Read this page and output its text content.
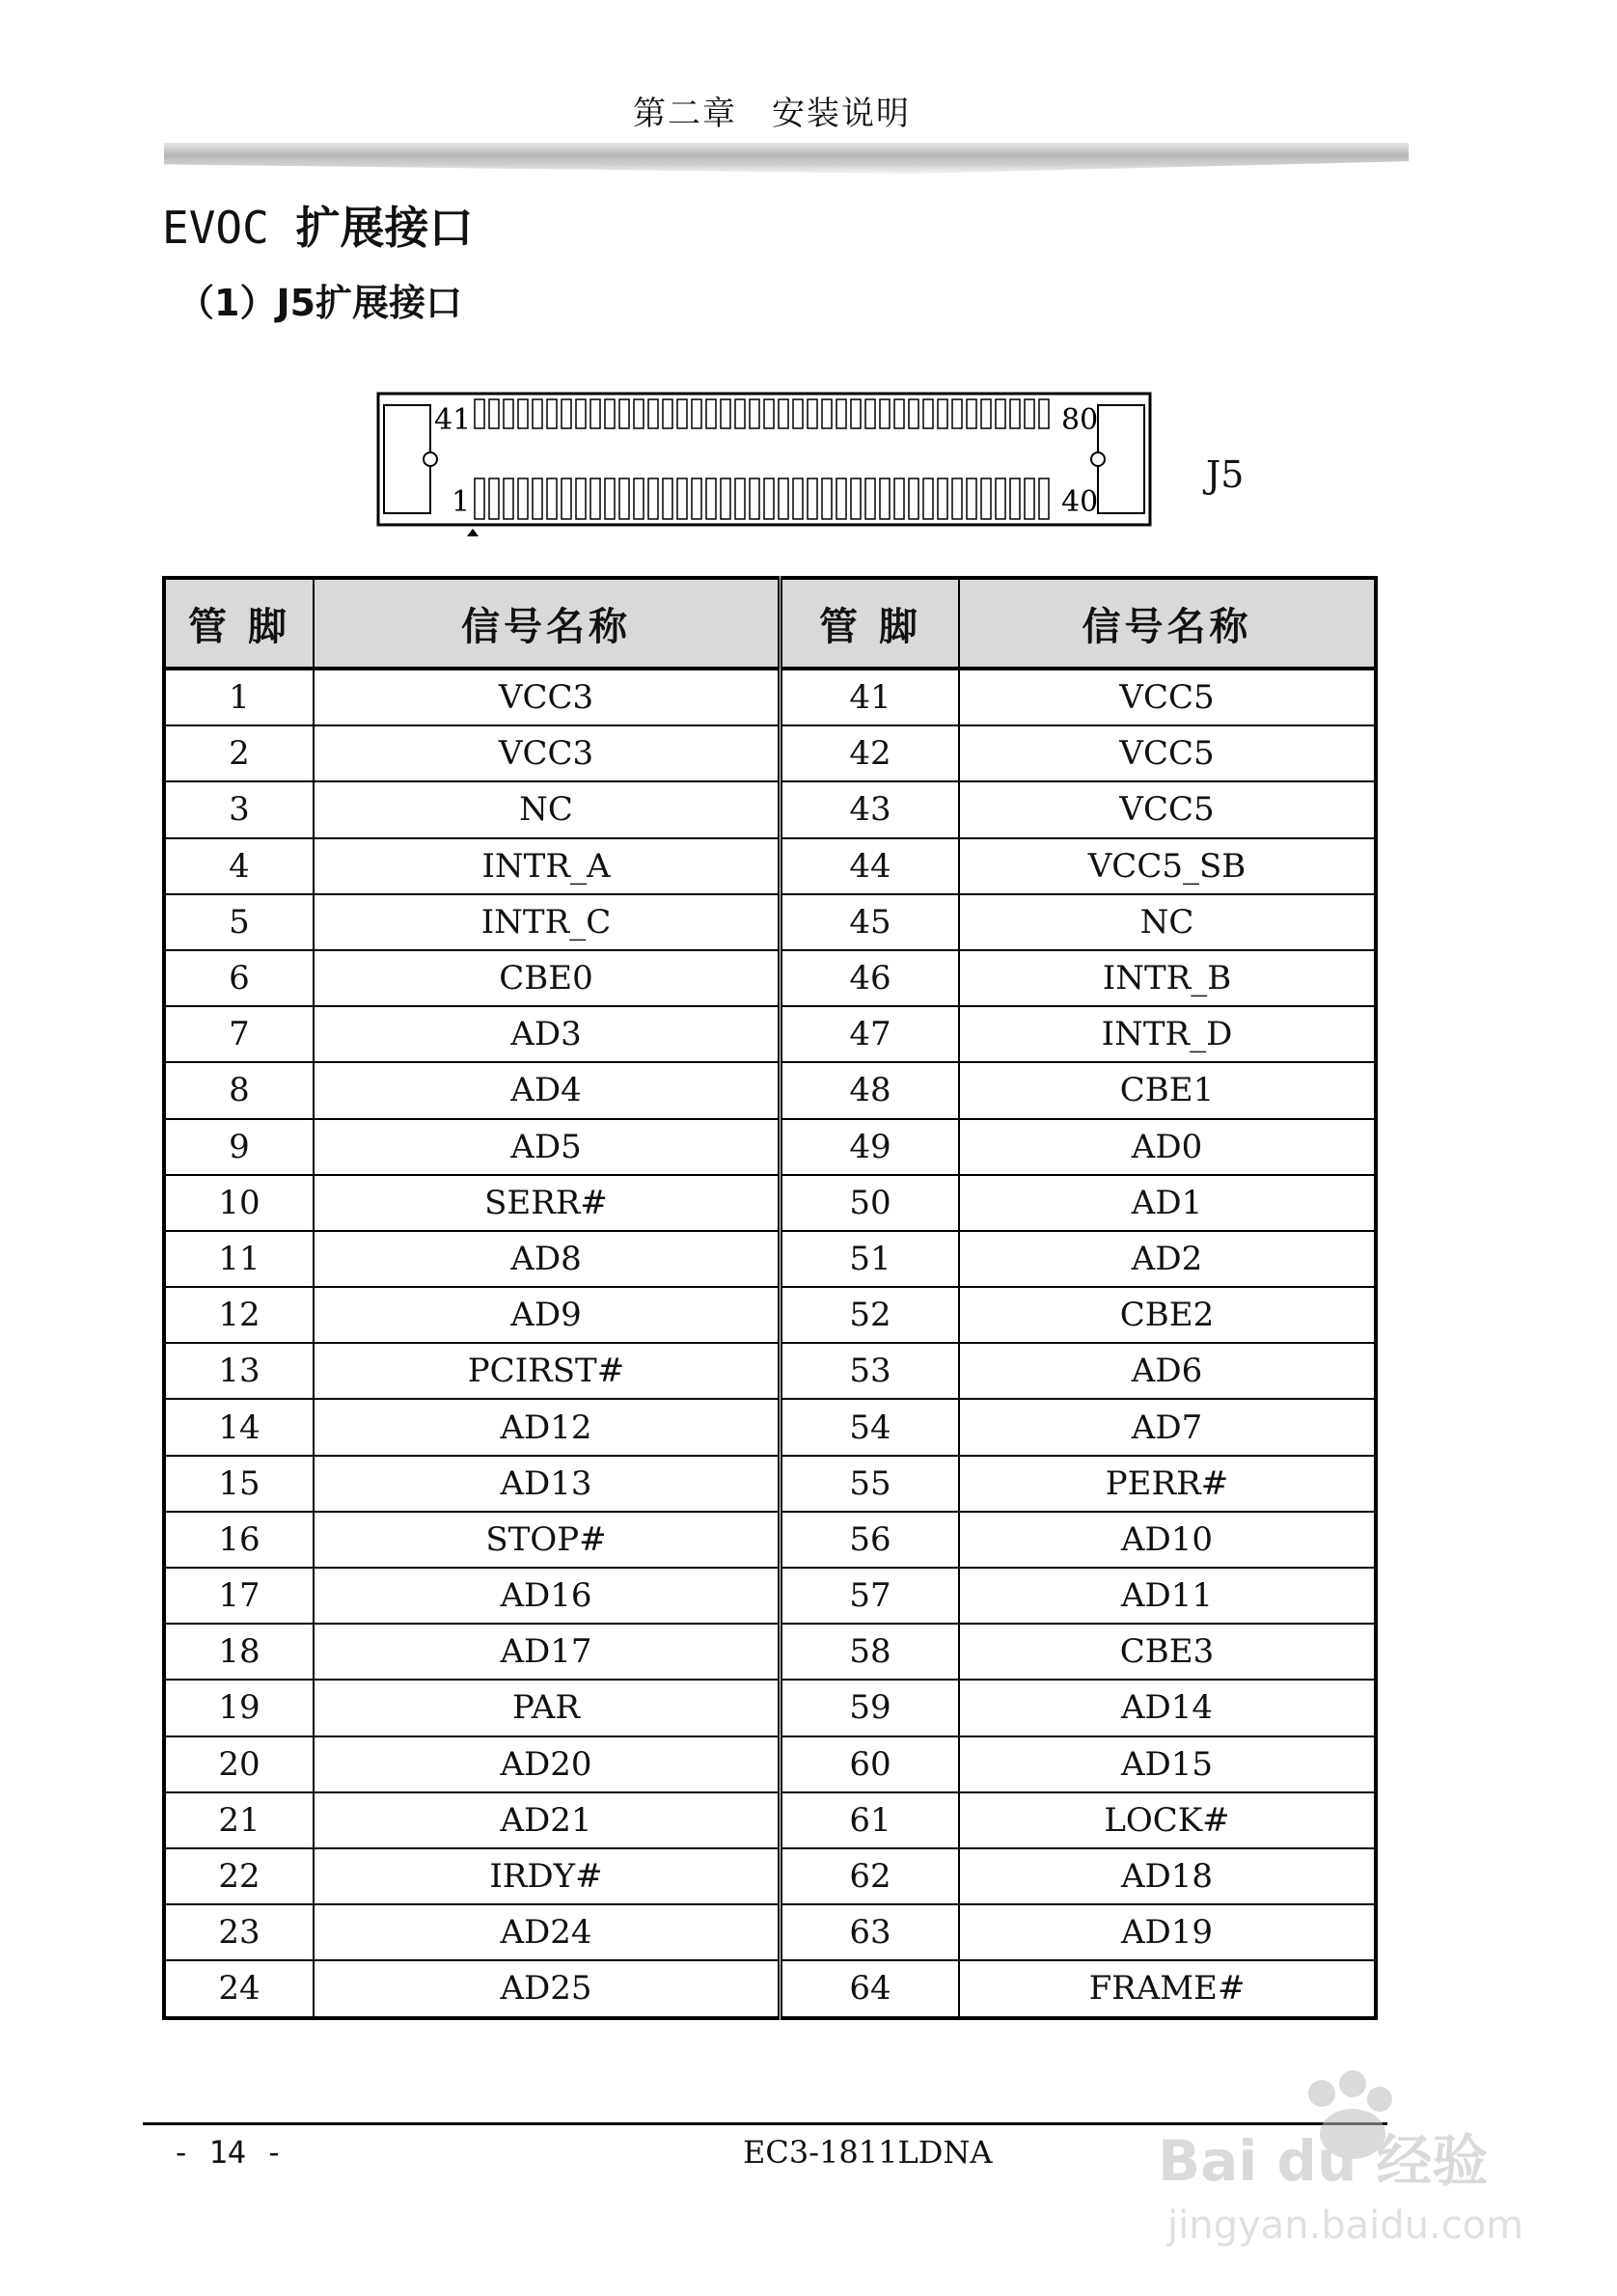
第二章　安装说明
EVOC 扩展接口
（1）J5扩展接口
41	80
1	40
J5
管 脚	信号名称	管 脚	信号名称
1	VCC3	41	VCC5
2	VCC3	42	VCC5
3	NC	43	VCC5
4	INTR_A	44	VCC5_SB
5	INTR_C	45	NC
6	CBE0	46	INTR_B
7	AD3	47	INTR_D
8	AD4	48	CBE1
9	AD5	49	AD0
10	SERR#	50	AD1
11	AD8	51	AD2
12	AD9	52	CBE2
13	PCIRST#	53	AD6
14	AD12	54	AD7
15	AD13	55	PERR#
16	STOP#	56	AD10
17	AD16	57	AD11
18	AD17	58	CBE3
19	PAR	59	AD14
20	AD20	60	AD15
21	AD21	61	LOCK#
22	IRDY#	62	AD18
23	AD24	63	AD19
24	AD25	64	FRAME#
- 14 -	EC3-1811LDNA	Bai du 经验
jingyan.baidu.com
